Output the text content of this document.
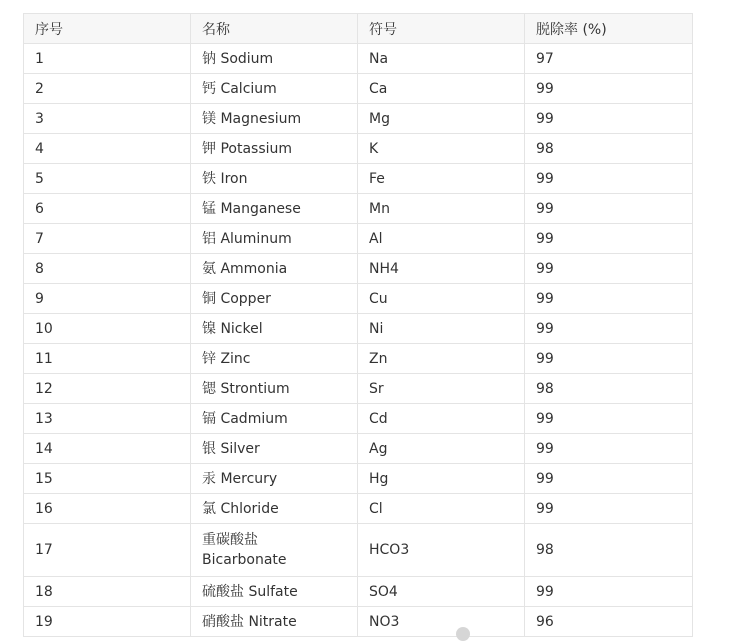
序号	名称	符号	脱除率 (%)
1	钠 Sodium	Na	97
2	钙 Calcium	Ca	99
3	镁 Magnesium	Mg	99
4	钾 Potassium	K	98
5	铁 Iron	Fe	99
6	锰 Manganese	Mn	99
7	铝 Aluminum	Al	99
8	氨 Ammonia	NH4	99
9	铜 Copper	Cu	99
10	镍 Nickel	Ni	99
11	锌 Zinc	Zn	99
12	锶 Strontium	Sr	98
13	镉 Cadmium	Cd	99
14	银 Silver	Ag	99
15	汞 Mercury	Hg	99
16	氯 Chloride	Cl	99
17	重碳酸盐 Bicarbonate	HCO3	98
18	硫酸盐 Sulfate	SO4	99
19	硝酸盐 Nitrate	NO3	96
